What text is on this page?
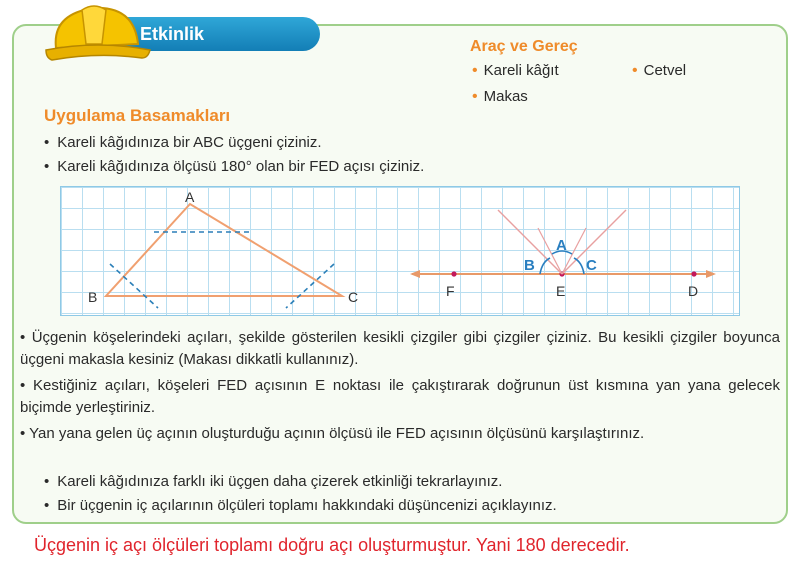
Etkinlik
Araç ve Gereç
• Kareli kâğıt
•	Cetvel
• Makas
Uygulama Basamakları
• Kareli kâğıdınıza bir ABC üçgeni çiziniz.
• Kareli kâğıdınıza ölçüsü 180° olan bir FED açısı çiziniz.
A
B	C
A
B	C
F	E	D
• Üçgenin köşelerindeki açıları, şekilde gösterilen kesikli çizgiler gibi çizgiler çiziniz. Bu kesikli çizgiler boyunca üçgeni makasla kesiniz (Makası dikkatli kullanınız).
• Kestiğiniz açıları, köşeleri FED açısının E noktası ile çakıştırarak doğrunun üst kısmına yan yana gelecek biçimde yerleştiriniz.
• Yan yana gelen üç açının oluşturduğu açının ölçüsü ile FED açısının ölçüsünü karşılaştırınız.
• Kareli kâğıdınıza farklı iki üçgen daha çizerek etkinliği tekrarlayınız.
• Bir üçgenin iç açılarının ölçüleri toplamı hakkındaki düşüncenizi açıklayınız.
Üçgenin iç açı ölçüleri toplamı doğru açı oluşturmuştur. Yani 180 derecedir.
